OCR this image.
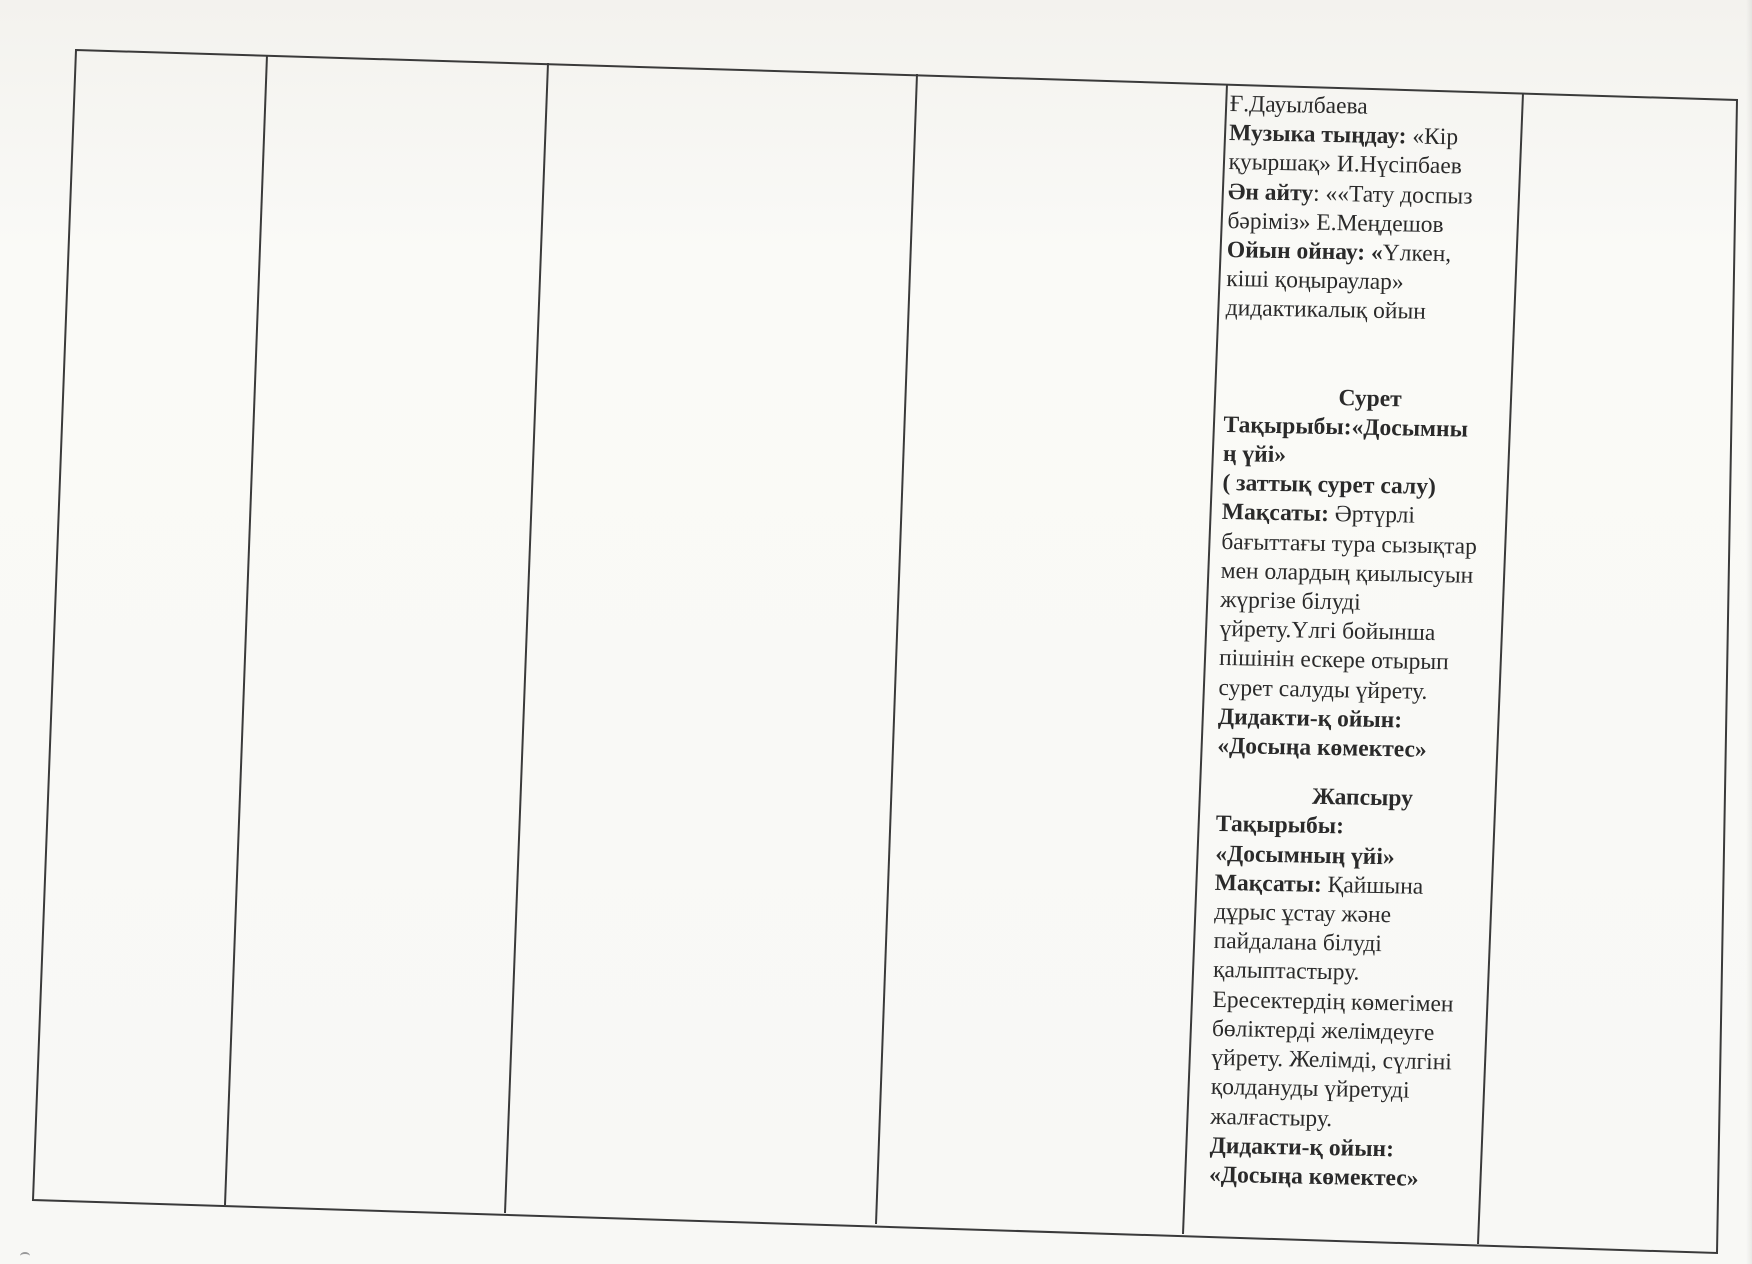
Ғ.Дауылбаева
Музыка тыңдау: «Кір
қуыршақ» И.Нүсіпбаев
Ән айту: ««Тату доспыз
бәріміз» Е.Меңдешов
Ойын ойнау: «Үлкен,
кіші қоңыраулар»
дидактикалық ойын
Сурет
Тақырыбы:«Досымны
ң үйі»
( заттық сурет салу)
Мақсаты: Әртүрлі
бағыттағы тура сызықтар
мен олардың қиылысуын
жүргізе білуді
үйрету.Үлгі бойынша
пішінін ескере отырып
сурет салуды үйрету.
Дидакти-қ ойын:
«Досыңа көмектес»
Жапсыру
Тақырыбы:
«Досымның үйі»
Мақсаты: Қайшына
дұрыс ұстау және
пайдалана білуді
қалыптастыру.
Ересектердің көмегімен
бөліктерді желімдеуге
үйрету. Желімді, сүлгіні
қолдануды үйретуді
жалғастыру.
Дидакти-қ ойын:
«Досыңа көмектес»
